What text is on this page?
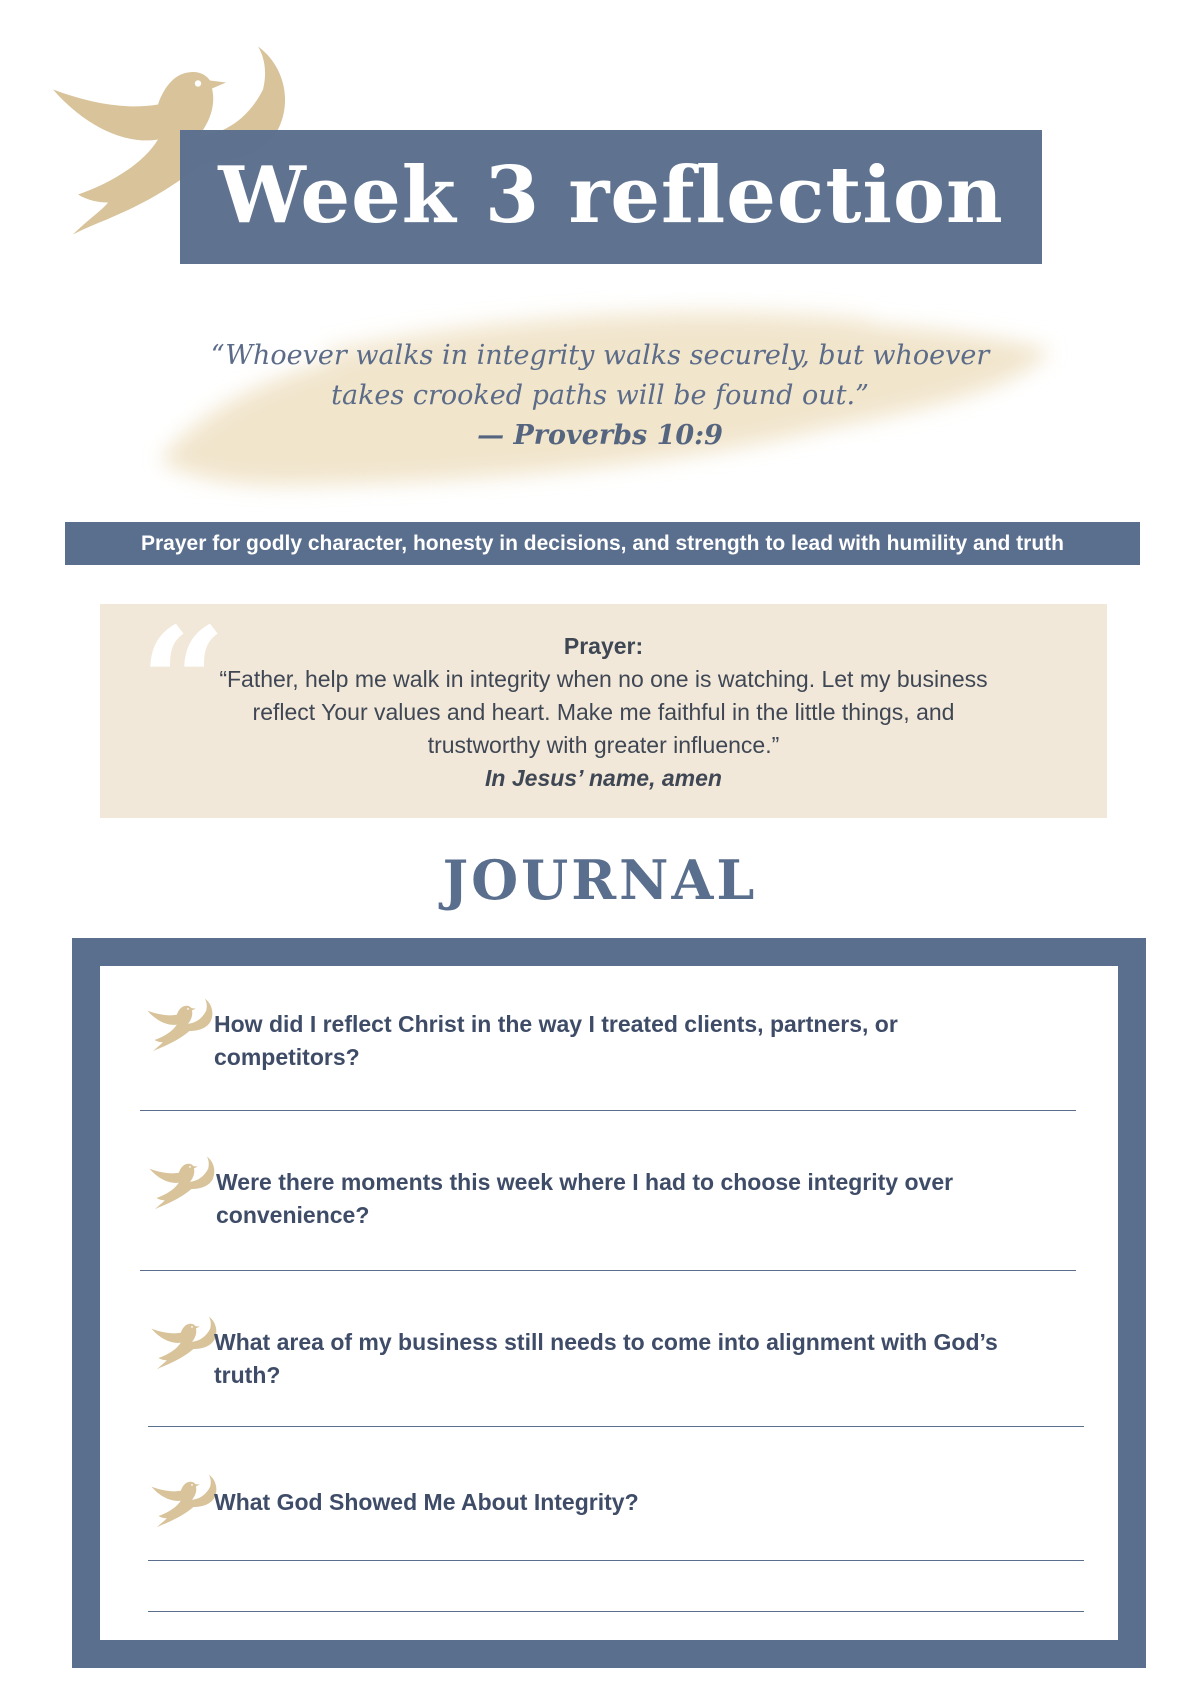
Week 3 reflection
“Whoever walks in integrity walks securely, but whoever
takes crooked paths will be found out.”
— Proverbs 10:9
Prayer for godly character, honesty in decisions, and strength to lead with humility and truth
“	Prayer:
“Father, help me walk in integrity when no one is watching. Let my business
reflect Your values and heart. Make me faithful in the little things, and
trustworthy with greater influence.”
In Jesus’ name, amen
JOURNAL
How did I reflect Christ in the way I treated clients, partners, or
competitors?
Were there moments this week where I had to choose integrity over
convenience?
What area of my business still needs to come into alignment with God’s
truth?
What God Showed Me About Integrity?
